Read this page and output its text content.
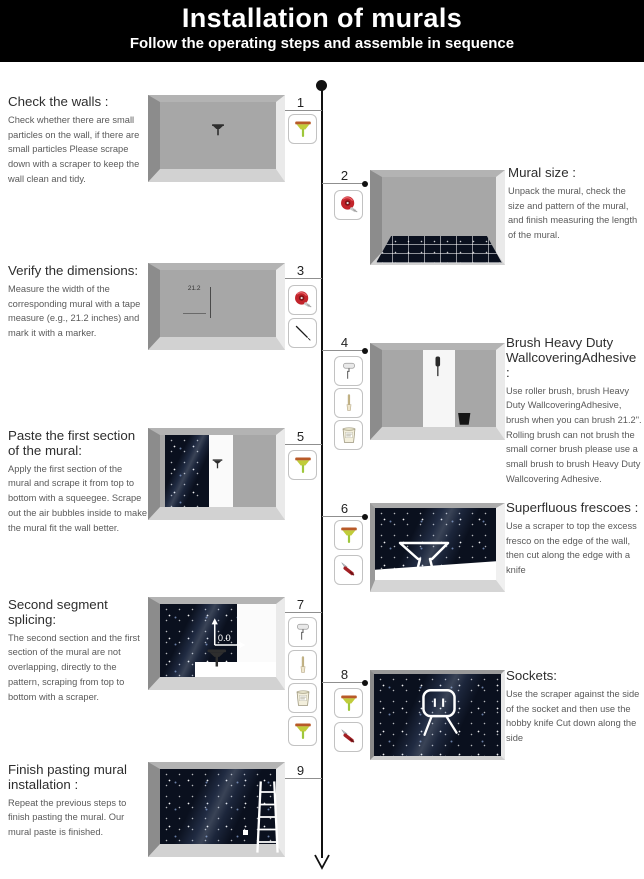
Installation of murals
Follow the operating steps and assemble in sequence
Check the walls :

Check whether there are small particles on the wall, if there are small particles Please scrape down with a scraper to keep the wall clean and tidy.

1
Mural size :

Unpack the mural, check the size and pattern of the mural, and finish measuring the length of the mural.

2
Verify the dimensions:

Measure the width of the corresponding mural with a tape measure (e.g., 21.2 inches) and mark it with a marker.

3
21.2
Brush Heavy Duty WallcoveringAdhesive :

Use roller brush, brush Heavy Duty WallcoveringAdhesive, brush when you can brush 21.2". Rolling brush can not brush the small corner brush please use a small brush to brush Heavy Duty Wallcovering Adhesive.

4
Paste the first section of the mural:

Apply the first section of the mural and scrape it from top to bottom with a squeegee. Scrape out the air bubbles inside to make the mural fit the wall better.

5
Superfluous frescoes :

Use a scraper to top the excess fresco on the edge of the wall, then cut along the edge with a knife

6
Second segment splicing:

The second section and the first section of the mural are not overlapping, directly to the pattern, scraping from top to bottom with a scraper.

7
0.0
Sockets:

Use the scraper against the side of the socket and then use the hobby knife Cut down along the side

8
Finish pasting mural installation :

Repeat the previous steps to finish pasting the mural. Our mural paste is finished.

9
